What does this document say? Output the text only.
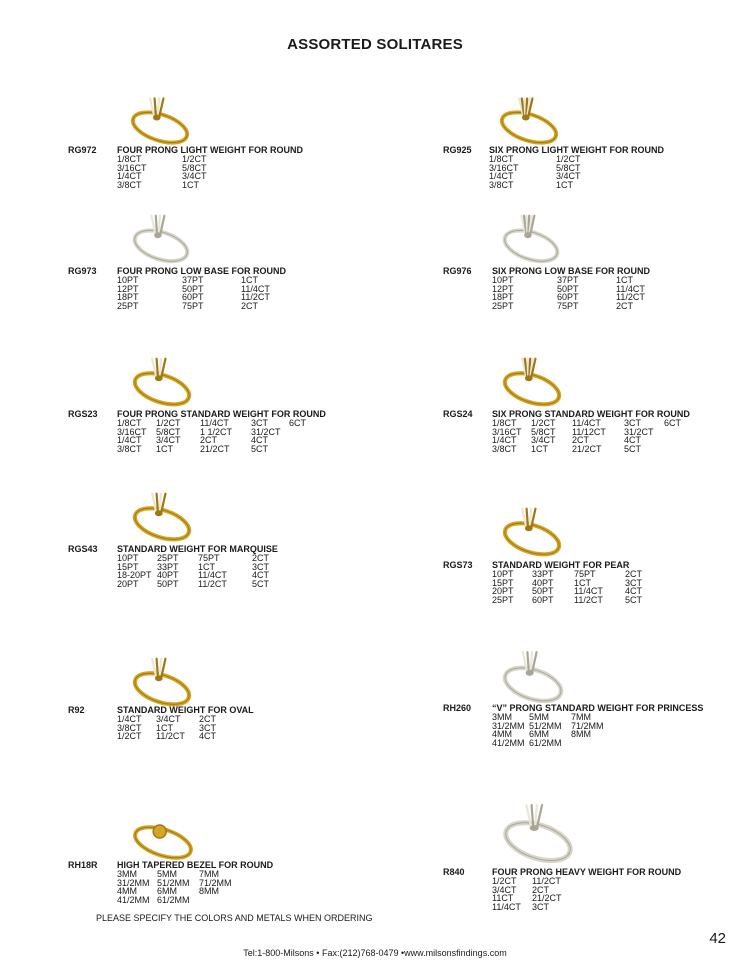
ASSORTED SOLITARES
RG972 FOUR PRONG LIGHT WEIGHT FOR ROUND
1/8CT	1/2CT
3/16CT	5/8CT
1/4CT	3/4CT
3/8CT	1CT
RG925 SIX PRONG LIGHT WEIGHT FOR ROUND
1/8CT	1/2CT
3/16CT	5/8CT
1/4CT	3/4CT
3/8CT	1CT
RG973 FOUR PRONG LOW BASE FOR ROUND
10PT	37PT	1CT
12PT	50PT	11/4CT
18PT	60PT	11/2CT
25PT	75PT	2CT
RG976 SIX PRONG LOW BASE FOR ROUND
10PT	37PT	1CT
12PT	50PT	11/4CT
18PT	60PT	11/2CT
25PT	75PT	2CT
RGS23 FOUR PRONG STANDARD WEIGHT FOR ROUND
1/8CT 1/2CT 11/4CT 3CT 6CT
3/16CT 5/8CT 1 1/2CT 31/2CT
1/4CT 3/4CT 2CT	4CT
3/8CT 1CT	21/2CT 5CT
RGS24 SIX PRONG STANDARD WEIGHT FOR ROUND
1/8CT 1/2CT 11/4CT	3CT	6CT
3/16CT 5/8CT 11/12CT 31/2CT
1/4CT 3/4CT 2CT	4CT
3/8CT 1CT	21/2CT 5CT
RGS43 STANDARD WEIGHT FOR MARQUISE
10PT 25PT 75PT	2CT
15PT 33PT 1CT	3CT
18-20PT 40PT 11/4CT	4CT
20PT 50PT 11/2CT	5CT
RGS73 STANDARD WEIGHT FOR PEAR
10PT 33PT 75PT	2CT
15PT 40PT 1CT	3CT
20PT 50PT 11/4CT 4CT
25PT 60PT 11/2CT 5CT
R92	STANDARD WEIGHT FOR OVAL
1/4CT 3/4CT 2CT
3/8CT 1CT	3CT
1/2CT 11/2CT 4CT
RH260 “V” PRONG STANDARD WEIGHT FOR PRINCESS
3MM 5MM 7MM
31/2MM 51/2MM 71/2MM
4MM 6MM 8MM
41/2MM 61/2MM
RH18R HIGH TAPERED BEZEL FOR ROUND
3MM 5MM 7MM
31/2MM 51/2MM 71/2MM
4MM 6MM 8MM
41/2MM 61/2MM
R840	FOUR PRONG HEAVY WEIGHT FOR ROUND
1/2CT 11/2CT
3/4CT 2CT
11CT 21/2CT
11/4CT 3CT
PLEASE SPECIFY THE COLORS AND METALS WHEN ORDERING
Tel:1-800-Milsons • Fax:(212)768-0479 •www.milsonsfindings.com
42
